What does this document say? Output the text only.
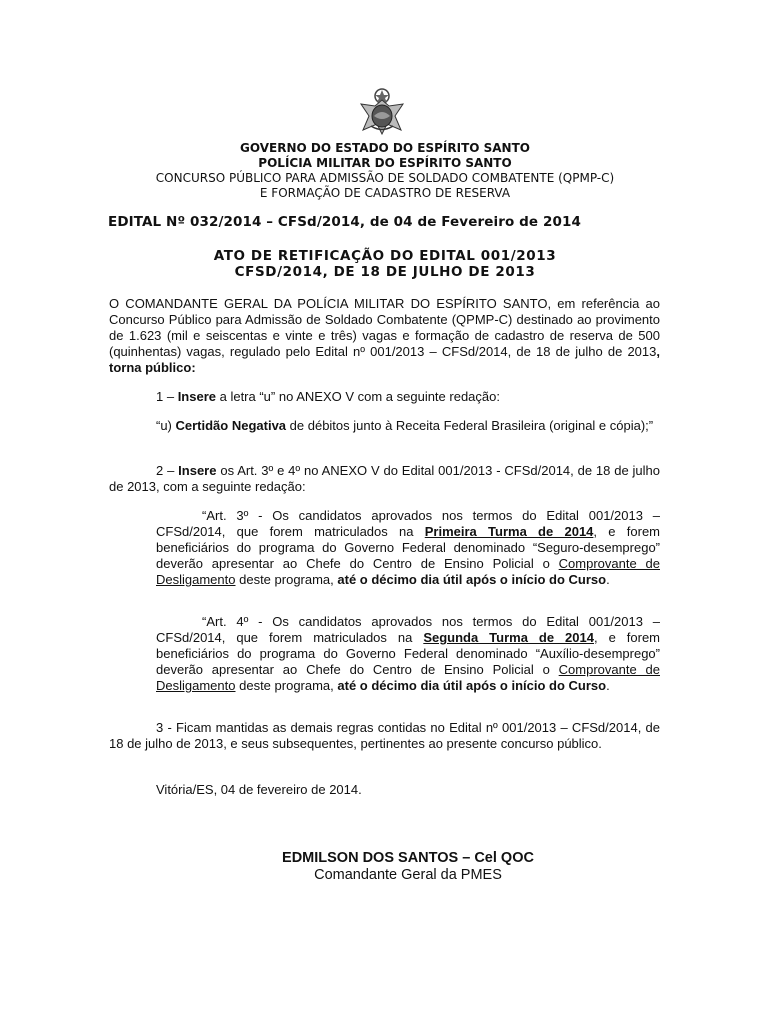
GOVERNO DO ESTADO DO ESPÍRITO SANTO
POLÍCIA MILITAR DO ESPÍRITO SANTO
CONCURSO PÚBLICO PARA ADMISSÃO DE SOLDADO COMBATENTE (QPMP-C)
E FORMAÇÃO DE CADASTRO DE RESERVA
EDITAL Nº 032/2014 – CFSd/2014, de 04 de Fevereiro de 2014
ATO DE RETIFICAÇÃO DO EDITAL 001/2013
CFSD/2014, DE 18 DE JULHO DE 2013
O COMANDANTE GERAL DA POLÍCIA MILITAR DO ESPÍRITO SANTO, em referência ao Concurso Público para Admissão de Soldado Combatente (QPMP-C) destinado ao provimento de 1.623 (mil e seiscentas e vinte e três) vagas e formação de cadastro de reserva de 500 (quinhentas) vagas, regulado pelo Edital nº 001/2013 – CFSd/2014, de 18 de julho de 2013, torna público:
1 – Insere a letra “u” no ANEXO V com a seguinte redação:
“u) Certidão Negativa de débitos junto à Receita Federal Brasileira (original e cópia);”
2 – Insere os Art. 3º e 4º no ANEXO V do Edital 001/2013 - CFSd/2014, de 18 de julho de 2013, com a seguinte redação:
“Art. 3º - Os candidatos aprovados nos termos do Edital 001/2013 – CFSd/2014, que forem matriculados na Primeira Turma de 2014, e forem beneficiários do programa do Governo Federal denominado “Seguro-desemprego” deverão apresentar ao Chefe do Centro de Ensino Policial o Comprovante de Desligamento deste programa, até o décimo dia útil após o início do Curso.
“Art. 4º - Os candidatos aprovados nos termos do Edital 001/2013 – CFSd/2014, que forem matriculados na Segunda Turma de 2014, e forem beneficiários do programa do Governo Federal denominado “Auxílio-desemprego” deverão apresentar ao Chefe do Centro de Ensino Policial o Comprovante de Desligamento deste programa, até o décimo dia útil após o início do Curso.
3 - Ficam mantidas as demais regras contidas no Edital nº 001/2013 – CFSd/2014, de 18 de julho de 2013, e seus subsequentes, pertinentes ao presente concurso público.
Vitória/ES, 04 de fevereiro de 2014.
EDMILSON DOS SANTOS – Cel QOC
Comandante Geral da PMES
